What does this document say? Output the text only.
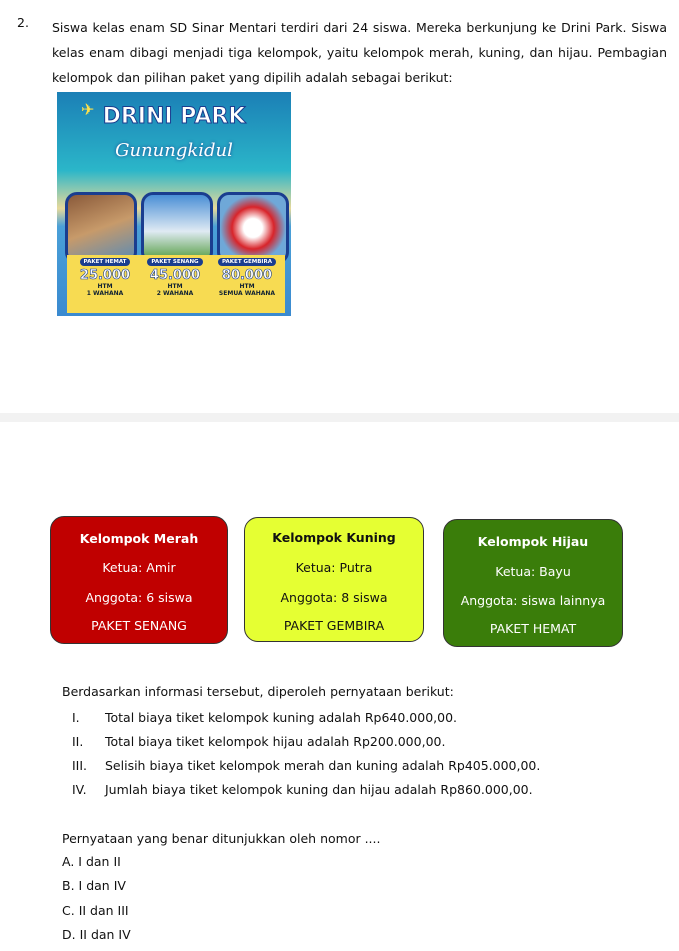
2. Siswa kelas enam SD Sinar Mentari terdiri dari 24 siswa. Mereka berkunjung ke Drini Park. Siswa kelas enam dibagi menjadi tiga kelompok, yaitu kelompok merah, kuning, dan hijau. Pembagian kelompok dan pilihan paket yang dipilih adalah sebagai berikut:
✈ DRINI PARK
Gunungkidul
PAKET HEMAT
25.000
HTM
1 WAHANA
PAKET SENANG
45.000
HTM
2 WAHANA
PAKET GEMBIRA
80.000
HTM
SEMUA WAHANA
Kelompok Merah
Ketua: Amir
Anggota: 6 siswa
PAKET SENANG
Kelompok Kuning
Ketua: Putra
Anggota: 8 siswa
PAKET GEMBIRA
Kelompok Hijau
Ketua: Bayu
Anggota: siswa lainnya
PAKET HEMAT
Berdasarkan informasi tersebut, diperoleh pernyataan berikut:
I. Total biaya tiket kelompok kuning adalah Rp640.000,00.
II. Total biaya tiket kelompok hijau adalah Rp200.000,00.
III. Selisih biaya tiket kelompok merah dan kuning adalah Rp405.000,00.
IV. Jumlah biaya tiket kelompok kuning dan hijau adalah Rp860.000,00.
Pernyataan yang benar ditunjukkan oleh nomor ....
A. I dan II
B. I dan IV
C. II dan III
D. II dan IV
